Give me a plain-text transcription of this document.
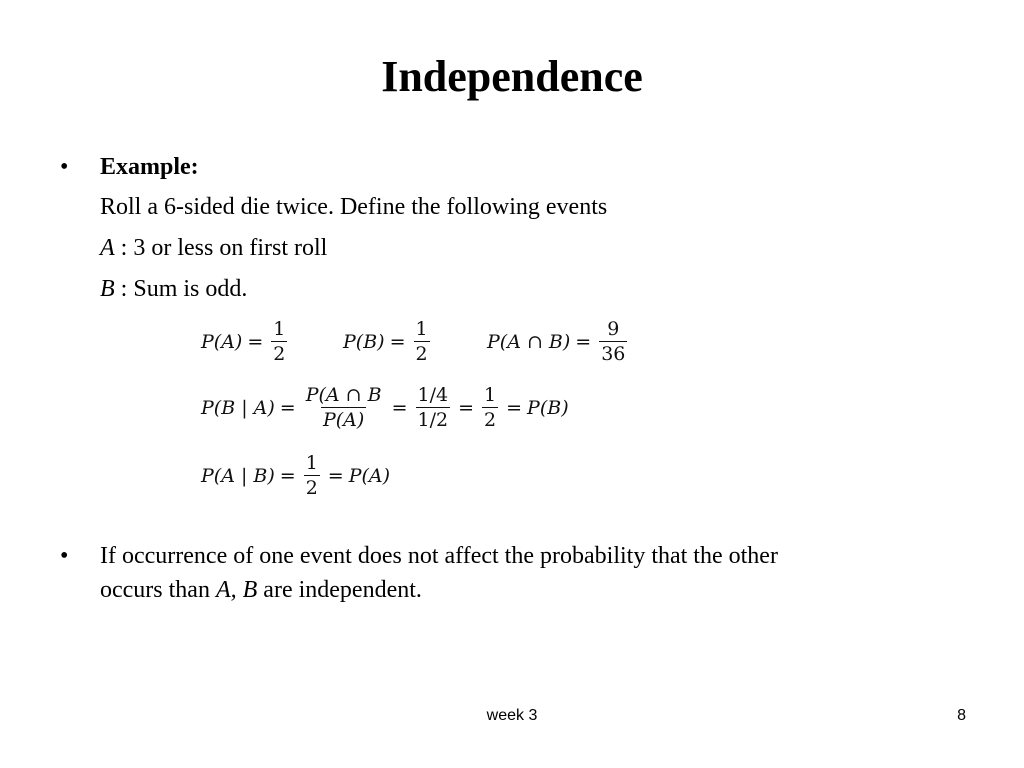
Independence
• Example:
Roll a 6-sided die twice. Define the following events
A : 3 or less on first roll
B : Sum is odd.
$P(A) = \frac{1}{2}$	$P(B) = \frac{1}{2}$	P(A ∩ $B) = \frac{9}{36}$
P(B | $A) = \frac{P(A \cap B}{P(A)} = \frac{1/4}{1/2} = \frac{1}{2} = P(B)$
P(A | $B) = \frac{1}{2} = P(A)$
• If occurrence of one event does not affect the probability that the other
occurs than A, B are independent.
week 3	8
